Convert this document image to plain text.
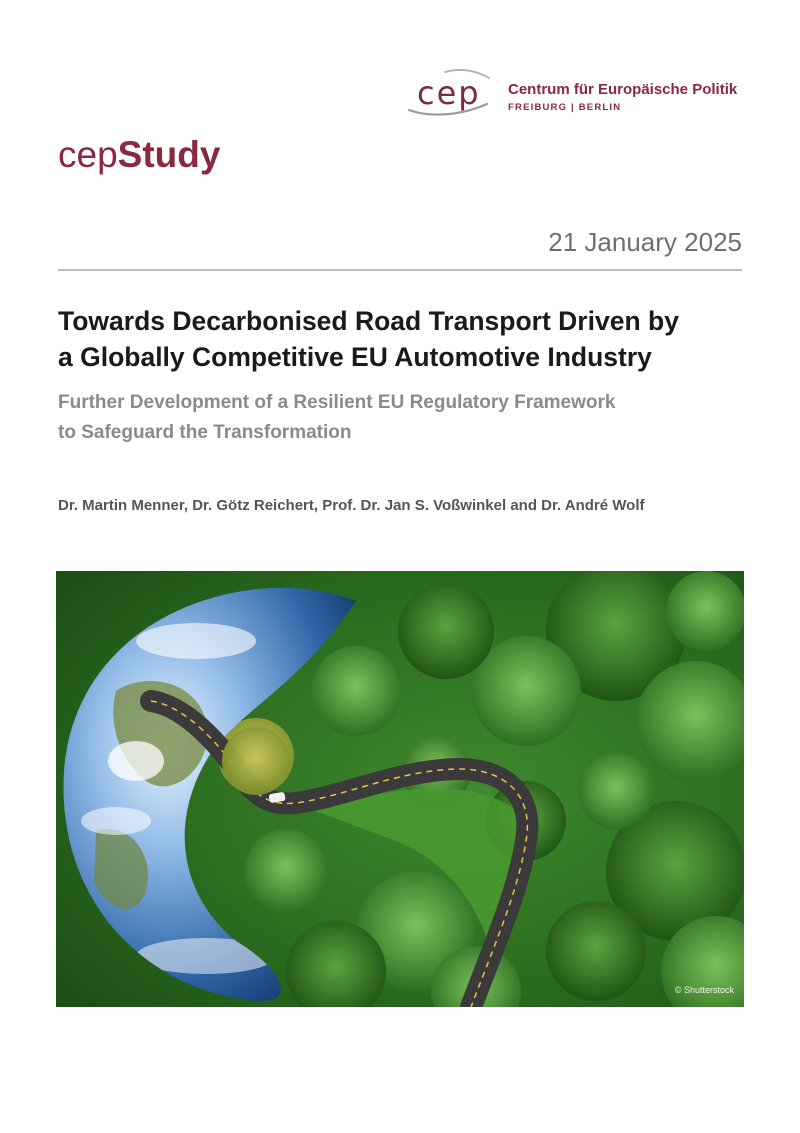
cep Centrum für Europäische Politik
FREIBURG | BERLIN
cepStudy
21 January 2025
Towards Decarbonised Road Transport Driven by
a Globally Competitive EU Automotive Industry
Further Development of a Resilient EU Regulatory Framework
to Safeguard the Transformation
Dr. Martin Menner, Dr. Götz Reichert, Prof. Dr. Jan S. Voßwinkel and Dr. André Wolf
© Shutterstock
